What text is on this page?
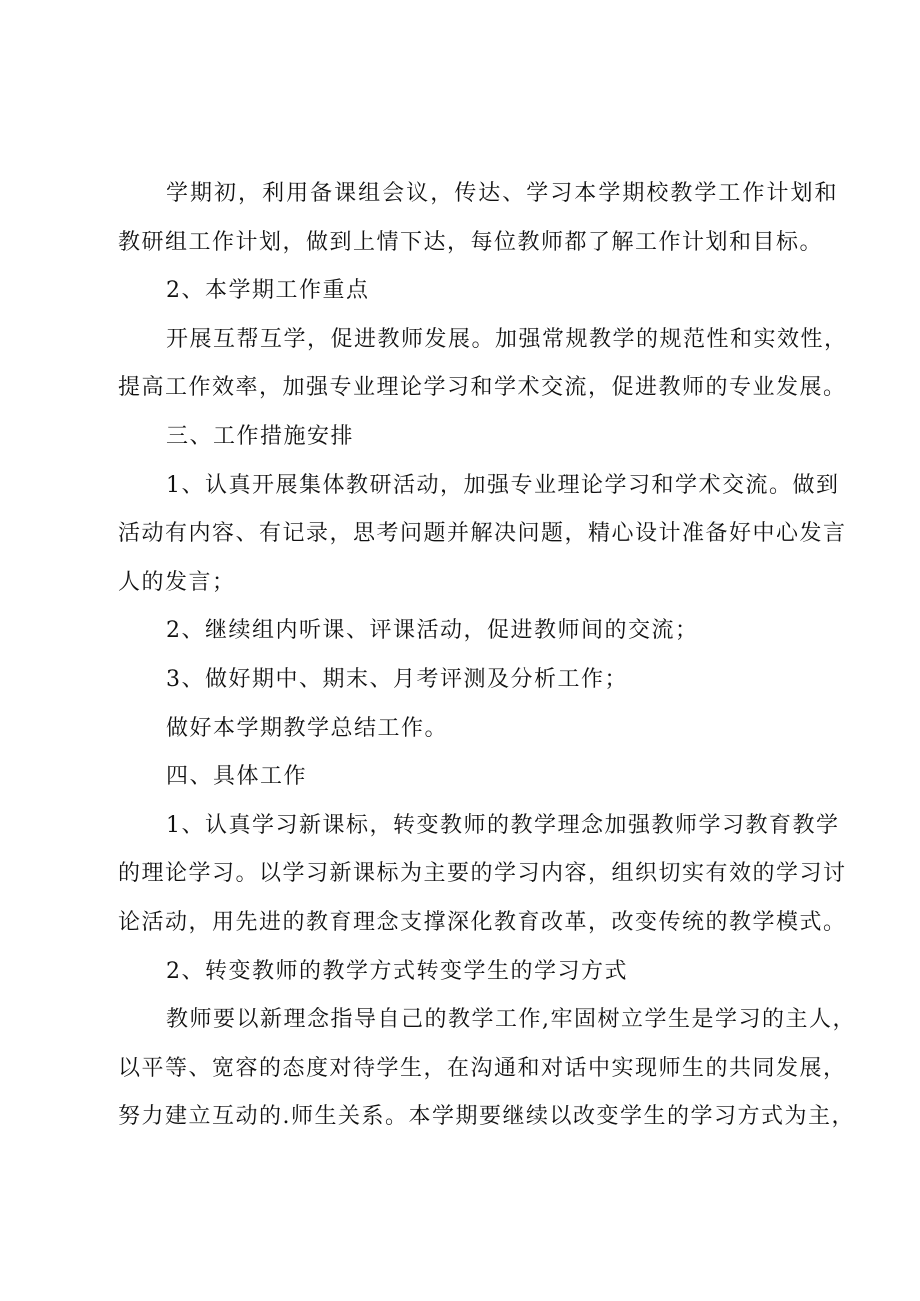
学期初，利用备课组会议，传达、学习本学期校教学工作计划和
教研组工作计划，做到上情下达，每位教师都了解工作计划和目标。
2、本学期工作重点
开展互帮互学，促进教师发展。加强常规教学的规范性和实效性，
提高工作效率，加强专业理论学习和学术交流，促进教师的专业发展。
三、工作措施安排
1、认真开展集体教研活动，加强专业理论学习和学术交流。做到
活动有内容、有记录，思考问题并解决问题，精心设计准备好中心发言
人的发言；
2、继续组内听课、评课活动，促进教师间的交流；
3、做好期中、期末、月考评测及分析工作；
做好本学期教学总结工作。
四、具体工作
1、认真学习新课标，转变教师的教学理念加强教师学习教育教学
的理论学习。以学习新课标为主要的学习内容，组织切实有效的学习讨
论活动，用先进的教育理念支撑深化教育改革，改变传统的教学模式。
2、转变教师的教学方式转变学生的学习方式
教师要以新理念指导自己的教学工作,牢固树立学生是学习的主人，
以平等、宽容的态度对待学生，在沟通和对话中实现师生的共同发展，
努力建立互动的.师生关系。本学期要继续以改变学生的学习方式为主，
